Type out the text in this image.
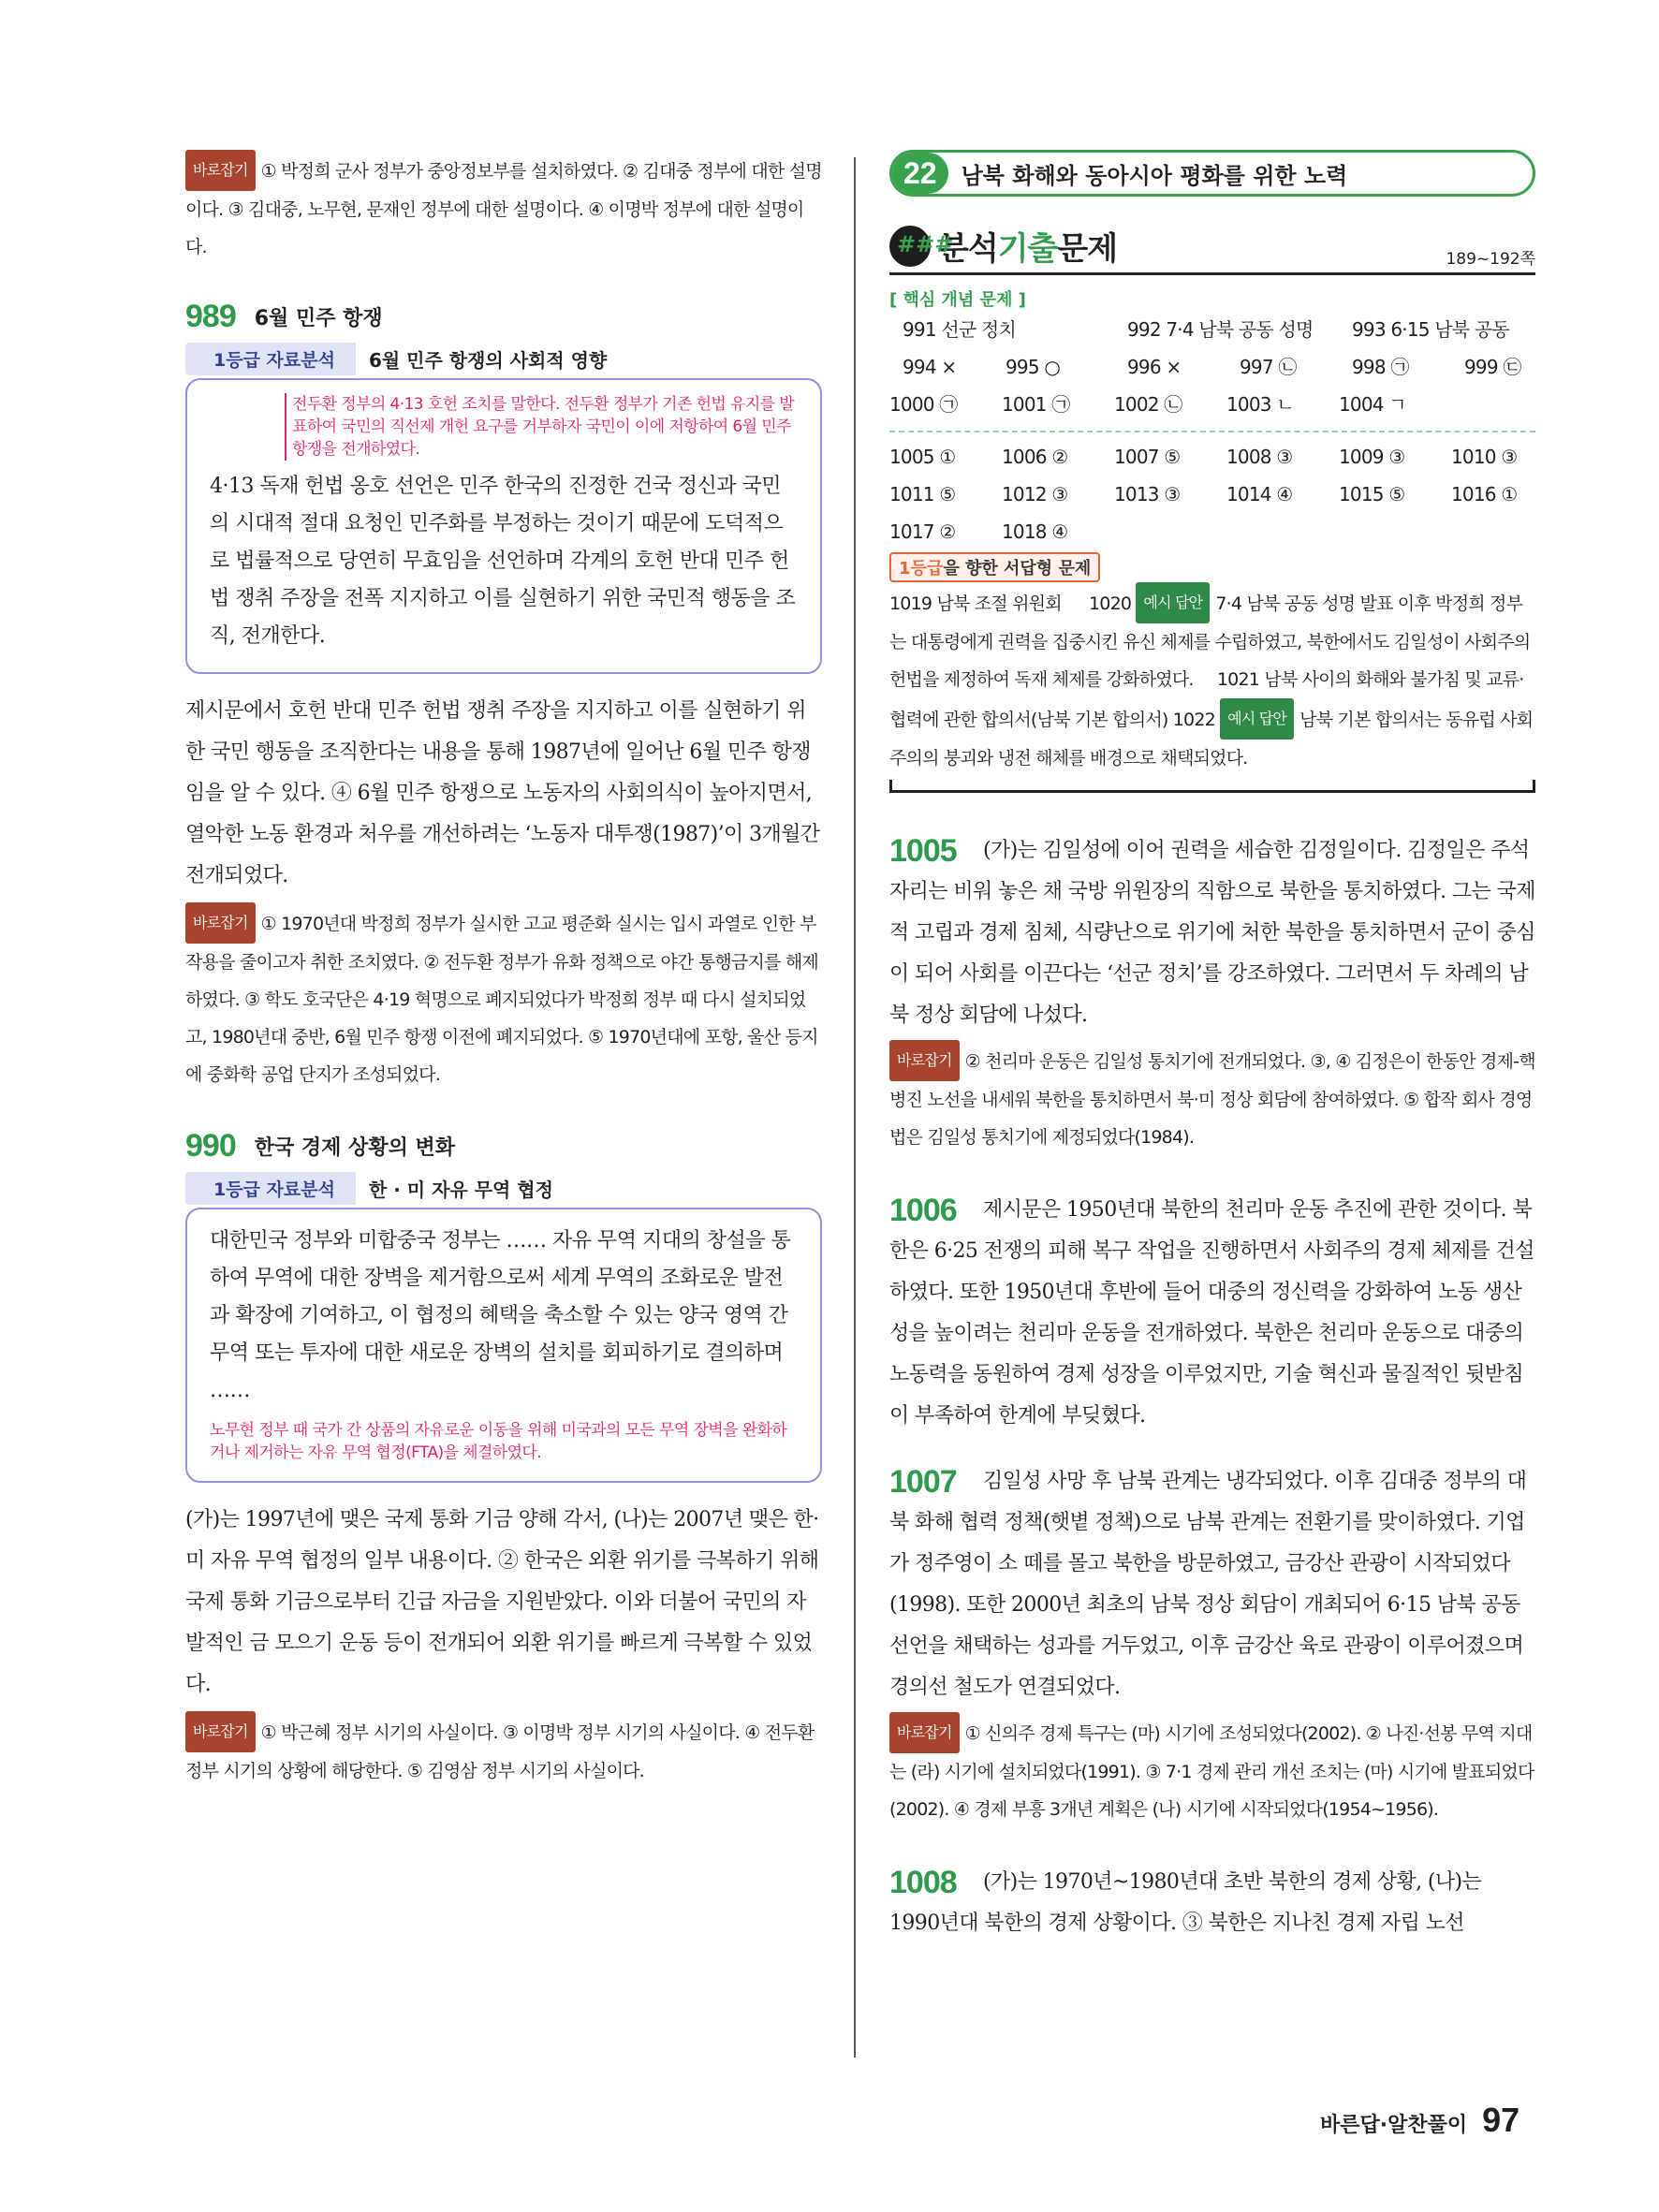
바로잡기 ① 박정희 군사 정부가 중앙정보부를 설치하였다. ② 김대중 정부에 대한 설명이다. ③ 김대중, 노무현, 문재인 정부에 대한 설명이다. ④ 이명박 정부에 대한 설명이다.
989 6월 민주 항쟁
1등급 자료분석	6월 민주 항쟁의 사회적 영향
전두환 정부의 4·13 호헌 조치를 말한다. 전두환 정부가 기존 헌법 유지를 발표하여 국민의 직선제 개헌 요구를 거부하자 국민이 이에 저항하여 6월 민주 항쟁을 전개하였다.
4·13 독재 헌법 옹호 선언은 민주 한국의 진정한 건국 정신과 국민의 시대적 절대 요청인 민주화를 부정하는 것이기 때문에 도덕적으로 법률적으로 당연히 무효임을 선언하며 각계의 호헌 반대 민주 헌법 쟁취 주장을 전폭 지지하고 이를 실현하기 위한 국민적 행동을 조직, 전개한다.
제시문에서 호헌 반대 민주 헌법 쟁취 주장을 지지하고 이를 실현하기 위한 국민 행동을 조직한다는 내용을 통해 1987년에 일어난 6월 민주 항쟁임을 알 수 있다. ④ 6월 민주 항쟁으로 노동자의 사회의식이 높아지면서, 열악한 노동 환경과 처우를 개선하려는 ‘노동자 대투쟁(1987)’이 3개월간 전개되었다.
바로잡기 ① 1970년대 박정희 정부가 실시한 고교 평준화 실시는 입시 과열로 인한 부작용을 줄이고자 취한 조치였다. ② 전두환 정부가 유화 정책으로 야간 통행금지를 해제하였다. ③ 학도 호국단은 4·19 혁명으로 폐지되었다가 박정희 정부 때 다시 설치되었고, 1980년대 중반, 6월 민주 항쟁 이전에 폐지되었다. ⑤ 1970년대에 포항, 울산 등지에 중화학 공업 단지가 조성되었다.
990 한국 경제 상황의 변화
1등급 자료분석	한 · 미 자유 무역 협정
대한민국 정부와 미합중국 정부는 …… 자유 무역 지대의 창설을 통하여 무역에 대한 장벽을 제거함으로써 세계 무역의 조화로운 발전과 확장에 기여하고, 이 협정의 혜택을 축소할 수 있는 양국 영역 간 무역 또는 투자에 대한 새로운 장벽의 설치를 회피하기로 결의하며 ……
노무현 정부 때 국가 간 상품의 자유로운 이동을 위해 미국과의 모든 무역 장벽을 완화하거나 제거하는 자유 무역 협정(FTA)을 체결하였다.
(가)는 1997년에 맺은 국제 통화 기금 양해 각서, (나)는 2007년 맺은 한·미 자유 무역 협정의 일부 내용이다. ② 한국은 외환 위기를 극복하기 위해 국제 통화 기금으로부터 긴급 자금을 지원받았다. 이와 더불어 국민의 자발적인 금 모으기 운동 등이 전개되어 외환 위기를 빠르게 극복할 수 있었다.
바로잡기 ① 박근혜 정부 시기의 사실이다. ③ 이명박 정부 시기의 사실이다. ④ 전두환 정부 시기의 상황에 해당한다. ⑤ 김영삼 정부 시기의 사실이다.
22	남북 화해와 동아시아 평화를 위한 노력
###
분석기출문제	189~192쪽
[ 핵심 개념 문제 ]
991 선군 정치	992 7·4 남북 공동 성명	993 6·15 남북 공동
994 ×	995 ○	996 ×	997 ㉡	998 ㉠	999 ㉢
1000 ㉠	1001 ㉠	1002 ㉡	1003 ㄴ	1004 ㄱ
1005 ①	1006 ②	1007 ⑤	1008 ③	1009 ③	1010 ③
1011 ⑤	1012 ③	1013 ③	1014 ④	1015 ⑤	1016 ①
1017 ②	1018 ④
1등급을 향한 서답형 문제
1019 남북 조절 위원회 1020 예시 답안 7·4 남북 공동 성명 발표 이후 박정희 정부는 대통령에게 권력을 집중시킨 유신 체제를 수립하였고, 북한에서도 김일성이 사회주의 헌법을 제정하여 독재 체제를 강화하였다. 1021 남북 사이의 화해와 불가침 및 교류·협력에 관한 합의서(남북 기본 합의서) 1022 예시 답안 남북 기본 합의서는 동유럽 사회주의의 붕괴와 냉전 해체를 배경으로 채택되었다.
1005	(가)는 김일성에 이어 권력을 세습한 김정일이다. 김정일은 주석 자리는 비워 놓은 채 국방 위원장의 직함으로 북한을 통치하였다. 그는 국제적 고립과 경제 침체, 식량난으로 위기에 처한 북한을 통치하면서 군이 중심이 되어 사회를 이끈다는 ‘선군 정치’를 강조하였다. 그러면서 두 차례의 남북 정상 회담에 나섰다.
바로잡기 ② 천리마 운동은 김일성 통치기에 전개되었다. ③, ④ 김정은이 한동안 경제-핵 병진 노선을 내세워 북한을 통치하면서 북·미 정상 회담에 참여하였다. ⑤ 합작 회사 경영법은 김일성 통치기에 제정되었다(1984).
1006	제시문은 1950년대 북한의 천리마 운동 추진에 관한 것이다. 북한은 6·25 전쟁의 피해 복구 작업을 진행하면서 사회주의 경제 체제를 건설하였다. 또한 1950년대 후반에 들어 대중의 정신력을 강화하여 노동 생산성을 높이려는 천리마 운동을 전개하였다. 북한은 천리마 운동으로 대중의 노동력을 동원하여 경제 성장을 이루었지만, 기술 혁신과 물질적인 뒷받침이 부족하여 한계에 부딪혔다.
1007	김일성 사망 후 남북 관계는 냉각되었다. 이후 김대중 정부의 대북 화해 협력 정책(햇볕 정책)으로 남북 관계는 전환기를 맞이하였다. 기업가 정주영이 소 떼를 몰고 북한을 방문하였고, 금강산 관광이 시작되었다(1998). 또한 2000년 최초의 남북 정상 회담이 개최되어 6·15 남북 공동 선언을 채택하는 성과를 거두었고, 이후 금강산 육로 관광이 이루어졌으며 경의선 철도가 연결되었다.
바로잡기 ① 신의주 경제 특구는 (마) 시기에 조성되었다(2002). ② 나진·선봉 무역 지대는 (라) 시기에 설치되었다(1991). ③ 7·1 경제 관리 개선 조치는 (마) 시기에 발표되었다(2002). ④ 경제 부흥 3개년 계획은 (나) 시기에 시작되었다(1954~1956).
1008	(가)는 1970년~1980년대 초반 북한의 경제 상황, (나)는 1990년대 북한의 경제 상황이다. ③ 북한은 지나친 경제 자립 노선
바른답·알찬풀이 97
